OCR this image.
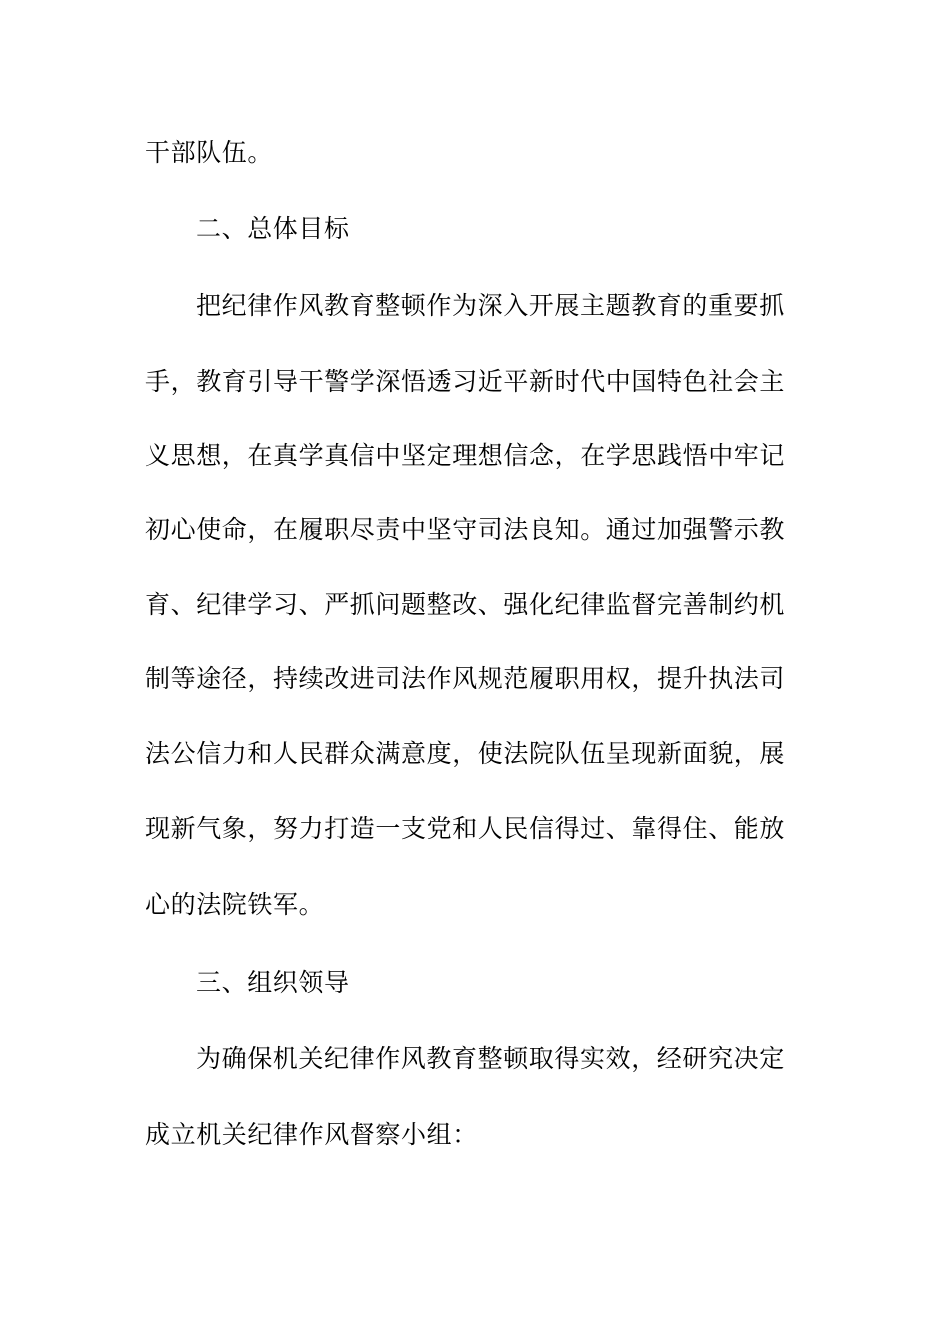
干部队伍。
二、总体目标
把纪律作风教育整顿作为深入开展主题教育的重要抓
手，教育引导干警学深悟透习近平新时代中国特色社会主
义思想，在真学真信中坚定理想信念，在学思践悟中牢记
初心使命，在履职尽责中坚守司法良知。通过加强警示教
育、纪律学习、严抓问题整改、强化纪律监督完善制约机
制等途径，持续改进司法作风规范履职用权，提升执法司
法公信力和人民群众满意度，使法院队伍呈现新面貌，展
现新气象，努力打造一支党和人民信得过、靠得住、能放
心的法院铁军。
三、组织领导
为确保机关纪律作风教育整顿取得实效，经研究决定
成立机关纪律作风督察小组：
